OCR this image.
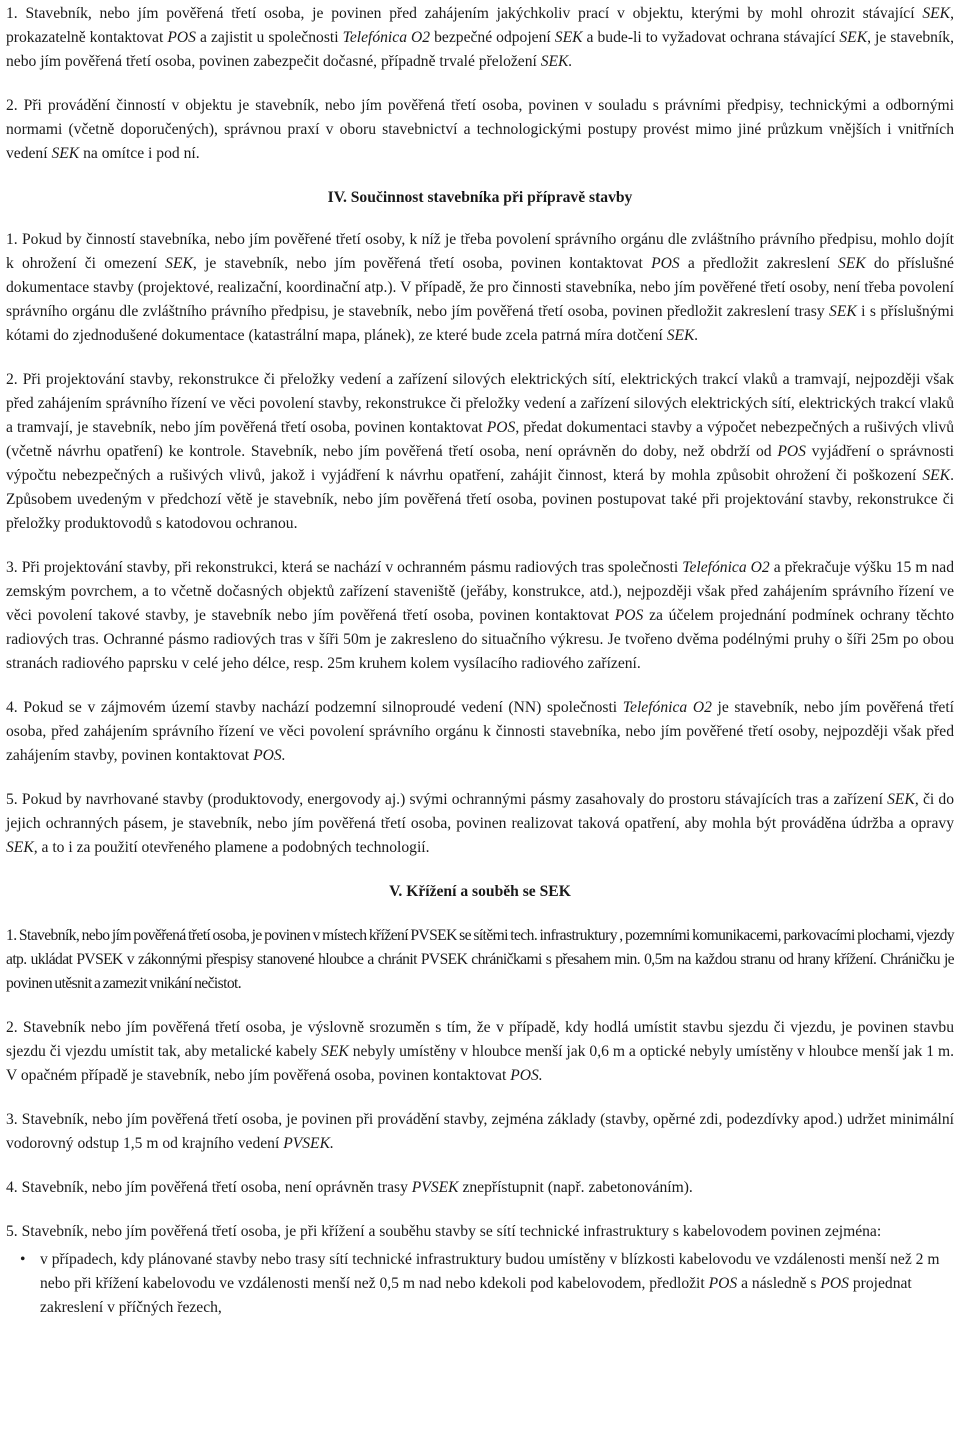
1. Stavebník, nebo jím pověřená třetí osoba, je povinen před zahájením jakýchkoliv prací v objektu, kterými by mohl ohrozit stávající SEK, prokazatelně kontaktovat POS a zajistit u společnosti Telefónica O2 bezpečné odpojení SEK a bude-li to vyžadovat ochrana stávající SEK, je stavebník, nebo jím pověřená třetí osoba, povinen zabezpečit dočasné, případně trvalé přeložení SEK.

2. Při provádění činností v objektu je stavebník, nebo jím pověřená třetí osoba, povinen v souladu s právními předpisy, technickými a odbornými normami (včetně doporučených), správnou praxí v oboru stavebnictví a technologickými postupy provést mimo jiné průzkum vnějších i vnitřních vedení SEK na omítce i pod ní.

IV. Součinnost stavebníka při přípravě stavby

1. Pokud by činností stavebníka, nebo jím pověřené třetí osoby, k níž je třeba povolení správního orgánu dle zvláštního právního předpisu, mohlo dojít k ohrožení či omezení SEK, je stavebník, nebo jím pověřená třetí osoba, povinen kontaktovat POS a předložit zakreslení SEK do příslušné dokumentace stavby (projektové, realizační, koordinační atp.). V případě, že pro činnosti stavebníka, nebo jím pověřené třetí osoby, není třeba povolení správního orgánu dle zvláštního právního předpisu, je stavebník, nebo jím pověřená třetí osoba, povinen předložit zakreslení trasy SEK i s příslušnými kótami do zjednodušené dokumentace (katastrální mapa, plánek), ze které bude zcela patrná míra dotčení SEK.

2. Při projektování stavby, rekonstrukce či přeložky vedení a zařízení silových elektrických sítí, elektrických trakcí vlaků a tramvají, nejpozději však před zahájením správního řízení ve věci povolení stavby, rekonstrukce či přeložky vedení a zařízení silových elektrických sítí, elektrických trakcí vlaků a tramvají, je stavebník, nebo jím pověřená třetí osoba, povinen kontaktovat POS, předat dokumentaci stavby a výpočet nebezpečných a rušivých vlivů (včetně návrhu opatření) ke kontrole. Stavebník, nebo jím pověřená třetí osoba, není oprávněn do doby, než obdrží od POS vyjádření o správnosti výpočtu nebezpečných a rušivých vlivů, jakož i vyjádření k návrhu opatření, zahájit činnost, která by mohla způsobit ohrožení či poškození SEK. Způsobem uvedeným v předchozí větě je stavebník, nebo jím pověřená třetí osoba, povinen postupovat také při projektování stavby, rekonstrukce či přeložky produktovodů s katodovou ochranou.

3. Při projektování stavby, při rekonstrukci, která se nachází v ochranném pásmu radiových tras společnosti Telefónica O2 a překračuje výšku 15 m nad zemským povrchem, a to včetně dočasných objektů zařízení staveniště (jeřáby, konstrukce, atd.), nejpozději však před zahájením správního řízení ve věci povolení takové stavby, je stavebník nebo jím pověřená třetí osoba, povinen kontaktovat POS za účelem projednání podmínek ochrany těchto radiových tras. Ochranné pásmo radiových tras v šíři 50m je zakresleno do situačního výkresu. Je tvořeno dvěma podélnými pruhy o šíři 25m po obou stranách radiového paprsku v celé jeho délce, resp. 25m kruhem kolem vysílacího radiového zařízení.

4. Pokud se v zájmovém území stavby nachází podzemní silnoproudé vedení (NN) společnosti Telefónica O2 je stavebník, nebo jím pověřená třetí osoba, před zahájením správního řízení ve věci povolení správního orgánu k činnosti stavebníka, nebo jím pověřené třetí osoby, nejpozději však před zahájením stavby, povinen kontaktovat POS.

5. Pokud by navrhované stavby (produktovody, energovody aj.) svými ochrannými pásmy zasahovaly do prostoru stávajících tras a zařízení SEK, či do jejich ochranných pásem, je stavebník, nebo jím pověřená třetí osoba, povinen realizovat taková opatření, aby mohla být prováděna údržba a opravy SEK, a to i za použití otevřeného plamene a podobných technologií.

V. Křížení a souběh se SEK

1. Stavebník, nebo jím pověřená třetí osoba, je povinen v místech křížení PVSEK se sítěmi tech. infrastruktury , pozemními komunikacemi, parkovacími plochami, vjezdy atp. ukládat PVSEK v zákonnými přespisy stanovené hloubce a chránit PVSEK chráničkami s přesahem min. 0,5m na každou stranu od hrany křížení. Chráničku je povinen utěsnit a zamezit vnikání nečistot.

2. Stavebník nebo jím pověřená třetí osoba, je výslovně srozuměn s tím, že v případě, kdy hodlá umístit stavbu sjezdu či vjezdu, je povinen stavbu sjezdu či vjezdu umístit tak, aby metalické kabely SEK nebyly umístěny v hloubce menší jak 0,6 m a optické nebyly umístěny v hloubce menší jak 1 m. V opačném případě je stavebník, nebo jím pověřená osoba, povinen kontaktovat POS.

3. Stavebník, nebo jím pověřená třetí osoba, je povinen při provádění stavby, zejména základy (stavby, opěrné zdi, podezdívky apod.) udržet minimální vodorovný odstup 1,5 m od krajního vedení PVSEK.

4. Stavebník, nebo jím pověřená třetí osoba, není oprávněn trasy PVSEK znepřístupnit (např. zabetonováním).

5. Stavebník, nebo jím pověřená třetí osoba, je při křížení a souběhu stavby se sítí technické infrastruktury s kabelovodem povinen zejména:

• v případech, kdy plánované stavby nebo trasy sítí technické infrastruktury budou umístěny v blízkosti kabelovodu ve vzdálenosti menší než 2 m nebo při křížení kabelovodu ve vzdálenosti menší než 0,5 m nad nebo kdekoli pod kabelovodem, předložit POS a následně s POS projednat zakreslení v příčných řezech,
